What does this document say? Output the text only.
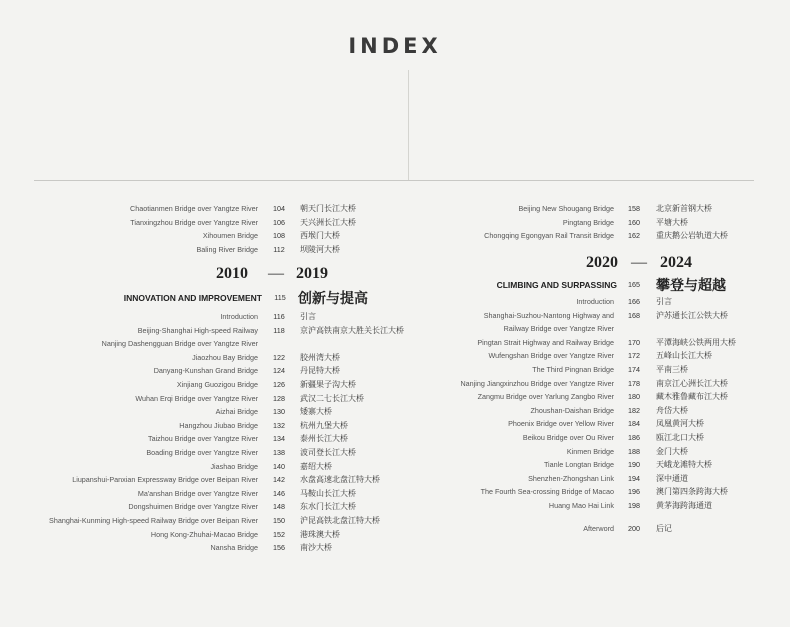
INDEX
2010 — 2019
INNOVATION AND IMPROVEMENT	115 创新与提高
Chaotianmen Bridge over Yangtze River	104	朝天门长江大桥
Tianxingzhou Bridge over Yangtze River	106	天兴洲长江大桥
Xihoumen Bridge	108	西堠门大桥
Baling River Bridge	112	坝陵河大桥
Introduction	116	引言
Beijing-Shanghai High-speed Railway	118	京沪高铁南京大胜关长江大桥
Nanjing Dashengguan Bridge over Yangtze River
Jiaozhou Bay Bridge	122	胶州湾大桥
Danyang-Kunshan Grand Bridge	124	丹昆特大桥
Xinjiang Guozigou Bridge	126	新疆果子沟大桥
Wuhan Erqi Bridge over Yangtze River	128	武汉二七长江大桥
Aizhai Bridge	130	矮寨大桥
Hangzhou Jiubao Bridge	132	杭州九堡大桥
Taizhou Bridge over Yangtze River	134	泰州长江大桥
Boading Bridge over Yangtze River	138	波司登长江大桥
Jiashao Bridge	140	嘉绍大桥
Liupanshui-Panxian Expressway Bridge over Beipan River	142	水盘高速北盘江特大桥
Ma'anshan Bridge over Yangtze River	146	马鞍山长江大桥
Dongshuimen Bridge over Yangtze River	148	东水门长江大桥
Shanghai-Kunming High-speed Railway Bridge over Beipan River	150	沪昆高铁北盘江特大桥
Hong Kong-Zhuhai-Macao Bridge	152	港珠澳大桥
Nansha Bridge	156	南沙大桥
2020 — 2024
CLIMBING AND SURPASSING	165 攀登与超越
Beijing New Shougang Bridge	158	北京新首钢大桥
Pingtang Bridge	160	平塘大桥
Chongqing Egongyan Rail Transit Bridge	162	重庆鹅公岩轨道大桥
Introduction	166	引言
Shanghai-Suzhou-Nantong Highway and	168	沪苏通长江公铁大桥
Railway Bridge over Yangtze River
Pingtan Strait Highway and Railway Bridge	170	平潭海峡公铁两用大桥
Wufengshan Bridge over Yangtze River	172	五峰山长江大桥
The Third Pingnan Bridge	174	平南三桥
Nanjing Jiangxinzhou Bridge over Yangtze River	178	南京江心洲长江大桥
Zangmu Bridge over Yarlung Zangbo River	180	藏木雅鲁藏布江大桥
Zhoushan-Daishan Bridge	182	舟岱大桥
Phoenix Bridge over Yellow River	184	凤凰黄河大桥
Beikou Bridge over Ou River	186	瓯江北口大桥
Kinmen Bridge	188	金门大桥
Tianle Longtan Bridge	190	天峨龙滩特大桥
Shenzhen-Zhongshan Link	194	深中通道
The Fourth Sea-crossing Bridge of Macao	196	澳门第四条跨海大桥
Huang Mao Hai Link	198	黄茅海跨海通道
Afterword	200	后记
